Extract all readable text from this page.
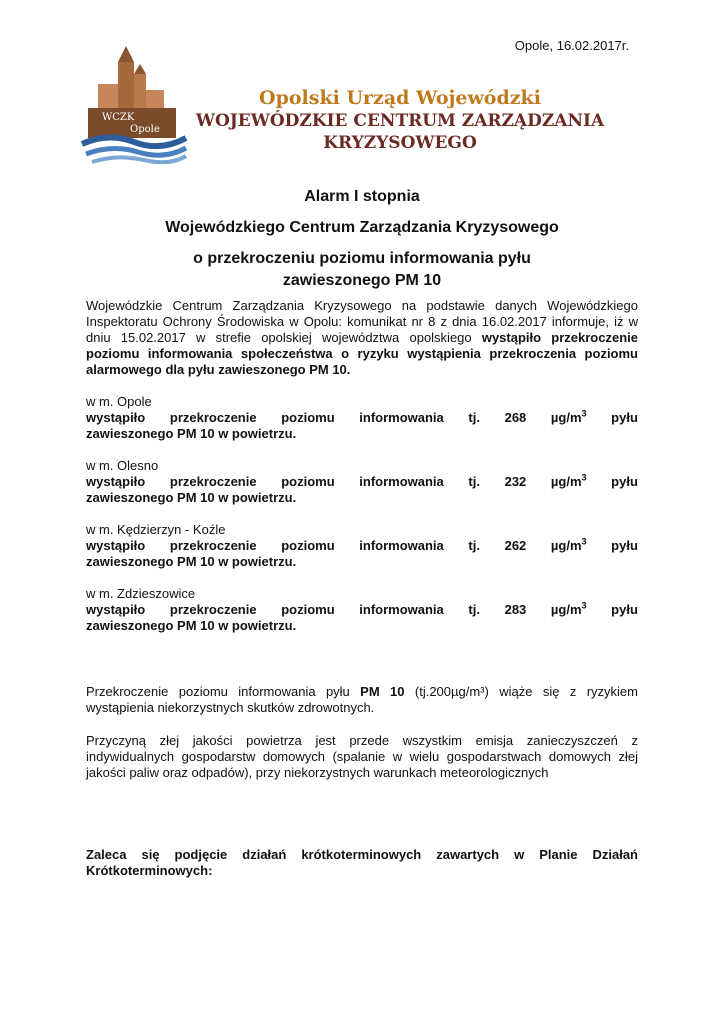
Opole, 16.02.2017r.
WCZK
Opole
Opolski Urząd Wojewódzki
WOJEWÓDZKIE CENTRUM ZARZĄDZANIA
KRYZYSOWEGO
Alarm I stopnia
Wojewódzkiego Centrum Zarządzania Kryzysowego
o przekroczeniu poziomu informowania pyłu
zawieszonego PM 10
Wojewódzkie Centrum Zarządzania Kryzysowego na podstawie danych Wojewódzkiego Inspektoratu Ochrony Środowiska w Opolu: komunikat nr 8 z dnia 16.02.2017 informuje, iż w dniu 15.02.2017 w strefie opolskiej województwa opolskiego wystąpiło przekroczenie poziomu informowania społeczeństwa o ryzyku wystąpienia przekroczenia poziomu alarmowego dla pyłu zawieszonego PM 10.
w m. Opole
wystąpiło przekroczenie poziomu informowania tj. 268 $\mu g/m^3$ pyłu
zawieszonego PM 10 w powietrzu.
w m. Olesno
wystąpiło przekroczenie poziomu informowania tj. 232 $\mu g/m^3$ pyłu
zawieszonego PM 10 w powietrzu.
w m. Kędzierzyn - Koźle
wystąpiło przekroczenie poziomu informowania tj. 262 $\mu g/m^3$ pyłu
zawieszonego PM 10 w powietrzu.
w m. Zdzieszowice
wystąpiło przekroczenie poziomu informowania tj. 283 $\mu g/m^3$ pyłu
zawieszonego PM 10 w powietrzu.
Przekroczenie poziomu informowania pyłu PM 10 (tj.200µg/m³) wiąże się z ryzykiem wystąpienia niekorzystnych skutków zdrowotnych.
Przyczyną złej jakości powietrza jest przede wszystkim emisja zanieczyszczeń z indywidualnych gospodarstw domowych (spalanie w wielu gospodarstwach domowych złej jakości paliw oraz odpadów), przy niekorzystnych warunkach meteorologicznych
Zaleca się podjęcie działań krótkoterminowych zawartych w Planie Działań Krótkoterminowych:
